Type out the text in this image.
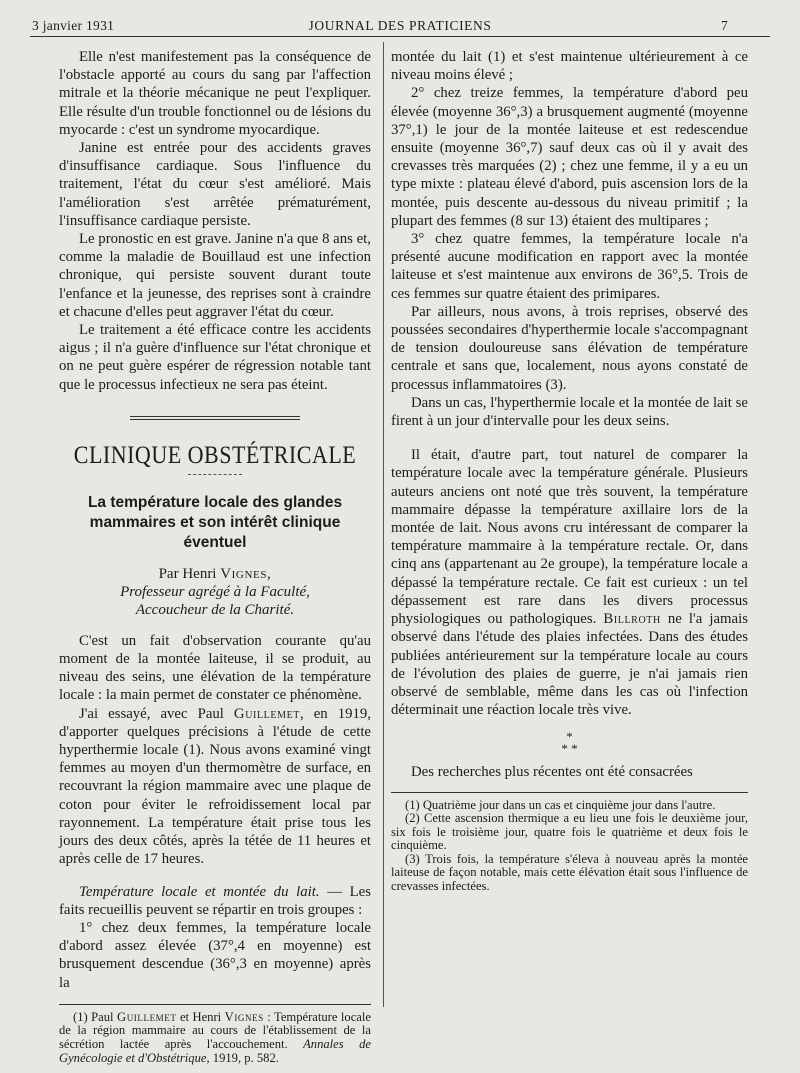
3 janvier 1931	JOURNAL DES PRATICIENS	7

Elle n'est manifestement pas la conséquence de l'obstacle apporté au cours du sang par l'affection mitrale et la théorie mécanique ne peut l'expliquer. Elle résulte d'un trouble fonctionnel ou de lésions du myocarde : c'est un syndrome myocardique.

Janine est entrée pour des accidents graves d'insuffisance cardiaque. Sous l'influence du traitement, l'état du cœur s'est amélioré. Mais l'amélioration s'est arrêtée prématurément, l'insuffisance cardiaque persiste.

Le pronostic en est grave. Janine n'a que 8 ans et, comme la maladie de Bouillaud est une infection chronique, qui persiste souvent durant toute l'enfance et la jeunesse, des reprises sont à craindre et chacune d'elles peut aggraver l'état du cœur.

Le traitement a été efficace contre les accidents aigus ; il n'a guère d'influence sur l'état chronique et on ne peut guère espérer de régression notable tant que le processus infectieux ne sera pas éteint.

CLINIQUE OBSTÉTRICALE
La température locale des glandes mammaires et son intérêt clinique éventuel
Par Henri Vignes,
Professeur agrégé à la Faculté,
Accoucheur de la Charité.

C'est un fait d'observation courante qu'au moment de la montée laiteuse, il se produit, au niveau des seins, une élévation de la température locale : la main permet de constater ce phénomène.

J'ai essayé, avec Paul Guillemet, en 1919, d'apporter quelques précisions à l'étude de cette hyperthermie locale (1). Nous avons examiné vingt femmes au moyen d'un thermomètre de surface, en recouvrant la région mammaire avec une plaque de coton pour éviter le refroidissement local par rayonnement. La température était prise tous les jours des deux côtés, après la tétée de 11 heures et après celle de 17 heures.

Température locale et montée du lait. — Les faits recueillis peuvent se répartir en trois groupes :

1° chez deux femmes, la température locale d'abord assez élevée (37°,4 en moyenne) est brusquement descendue (36°,3 en moyenne) après la

(1) Paul Guillemet et Henri Vignes : Température locale de la région mammaire au cours de l'établissement de la sécrétion lactée après l'accouchement. Annales de Gynécologie et d'Obstétrique, 1919, p. 582.

montée du lait (1) et s'est maintenue ultérieurement à ce niveau moins élevé ;

2° chez treize femmes, la température d'abord peu élevée (moyenne 36°,3) a brusquement augmenté (moyenne 37°,1) le jour de la montée laiteuse et est redescendue ensuite (moyenne 36°,7) sauf deux cas où il y avait des crevasses très marquées (2) ; chez une femme, il y a eu un type mixte : plateau élevé d'abord, puis ascension lors de la montée, puis descente au-dessous du niveau primitif ; la plupart des femmes (8 sur 13) étaient des multipares ;

3° chez quatre femmes, la température locale n'a présenté aucune modification en rapport avec la montée laiteuse et s'est maintenue aux environs de 36°,5. Trois de ces femmes sur quatre étaient des primipares.

Par ailleurs, nous avons, à trois reprises, observé des poussées secondaires d'hyperthermie locale s'accompagnant de tension douloureuse sans élévation de température centrale et sans que, localement, nous ayons constaté de processus inflammatoires (3).

Dans un cas, l'hyperthermie locale et la montée de lait se firent à un jour d'intervalle pour les deux seins.

Il était, d'autre part, tout naturel de comparer la température locale avec la température générale. Plusieurs auteurs anciens ont noté que très souvent, la température mammaire dépasse la température axillaire lors de la montée de lait. Nous avons cru intéressant de comparer la température mammaire à la température rectale. Or, dans cinq ans (appartenant au 2e groupe), la température locale a dépassé la température rectale. Ce fait est curieux : un tel dépassement est rare dans les divers processus physiologiques ou pathologiques. Billroth ne l'a jamais observé dans l'étude des plaies infectées. Dans des études publiées antérieurement sur la température locale au cours de l'évolution des plaies de guerre, je n'ai jamais rien observé de semblable, même dans les cas où l'infection déterminait une réaction locale très vive.

*
* *

Des recherches plus récentes ont été consacrées

(1) Quatrième jour dans un cas et cinquième jour dans l'autre.

(2) Cette ascension thermique a eu lieu une fois le deuxième jour, six fois le troisième jour, quatre fois le quatrième et deux fois le cinquième.

(3) Trois fois, la température s'éleva à nouveau après la montée laiteuse de façon notable, mais cette élévation était sous l'influence de crevasses infectées.
